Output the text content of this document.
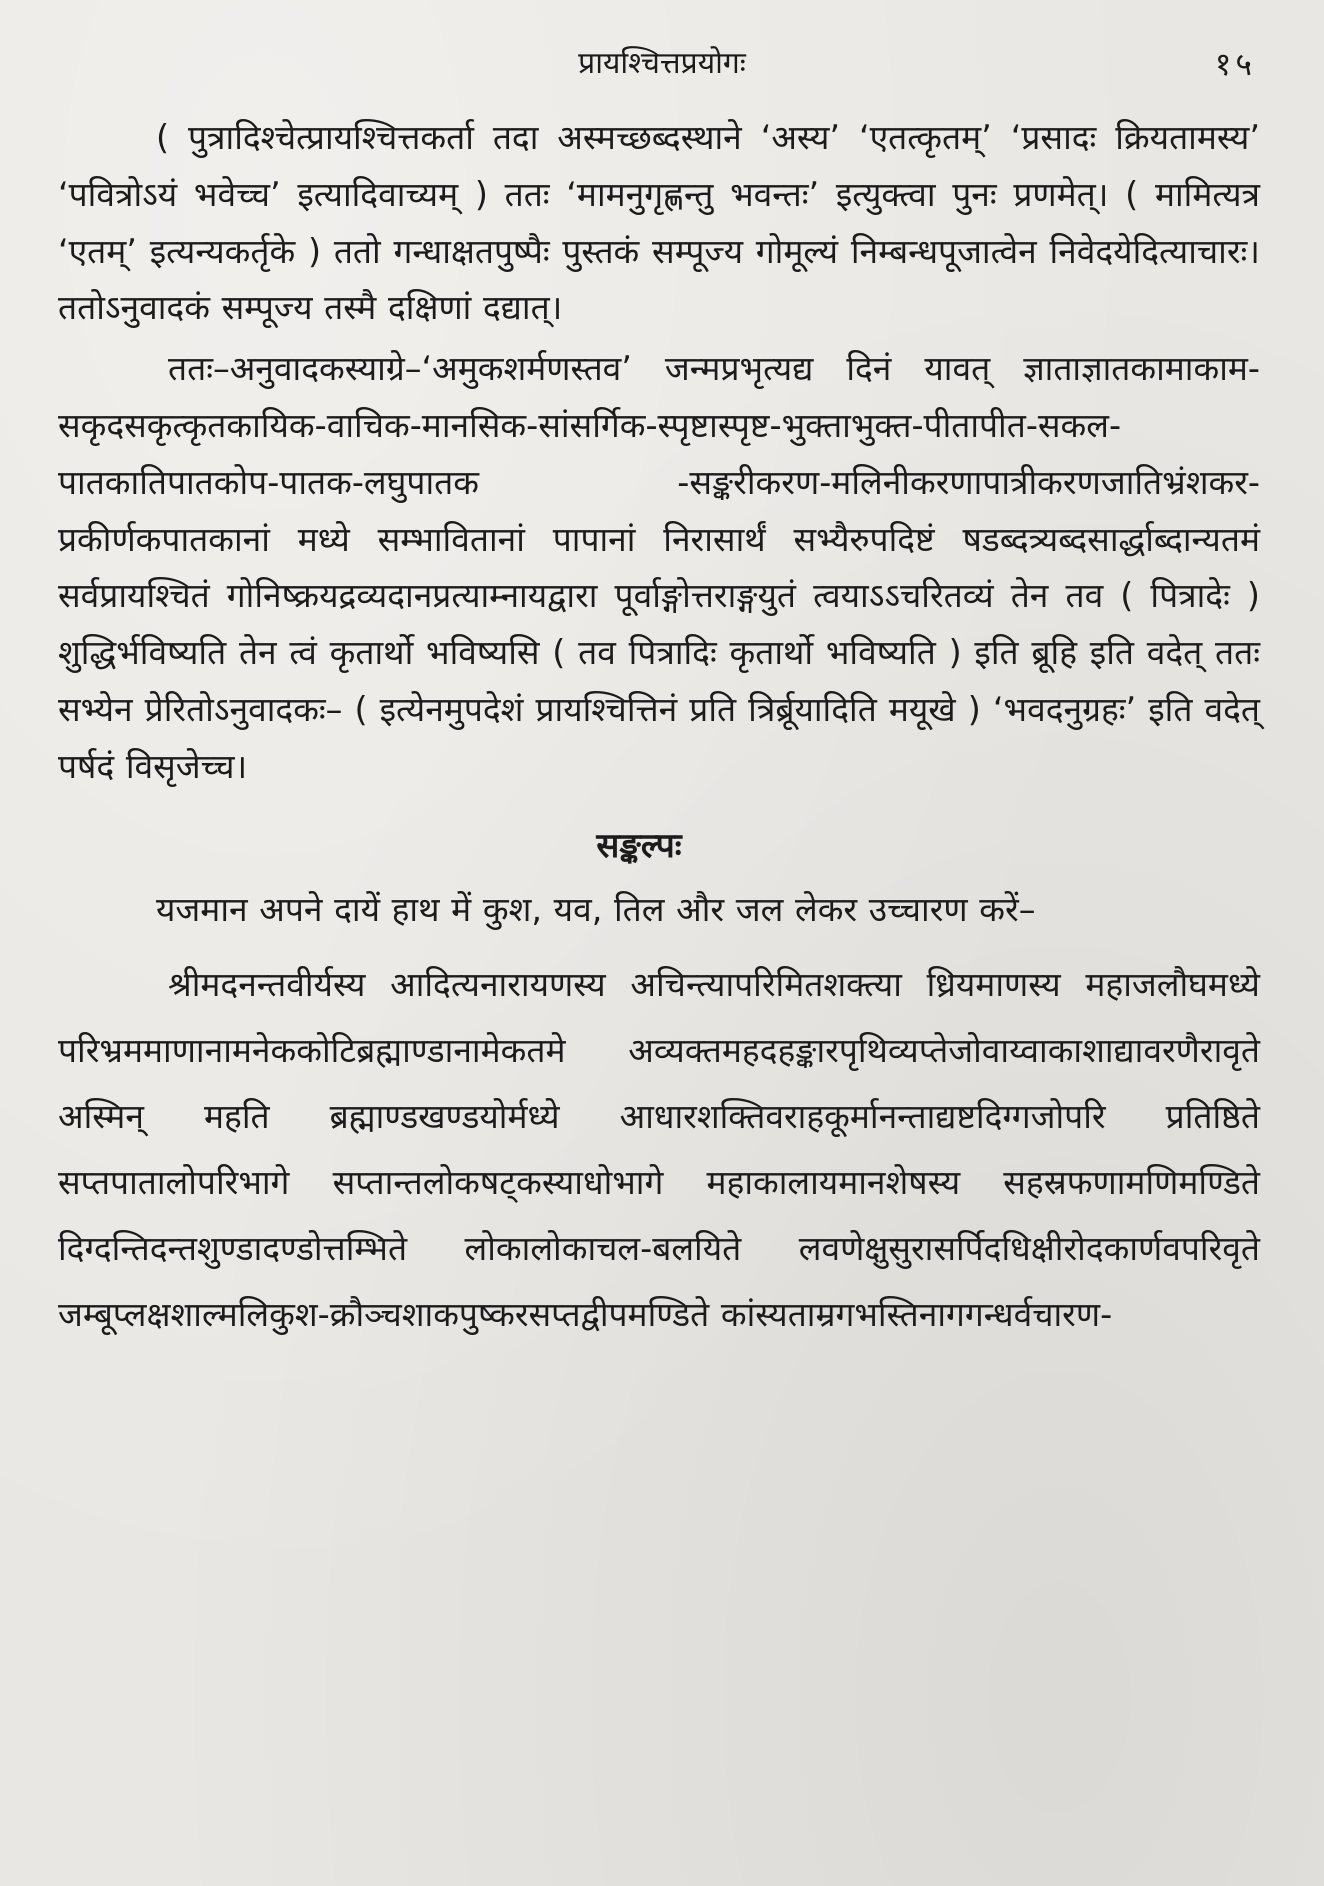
प्रायश्चित्तप्रयोगः	१५

( पुत्रादिश्चेत्प्रायश्चित्तकर्ता तदा अस्मच्छब्दस्थाने ‘अस्य’ ‘एतत्कृतम्’ ‘प्रसादः क्रियतामस्य’ ‘पवित्रोऽयं भवेच्च’ इत्यादिवाच्यम् ) ततः ‘मामनुगृह्णन्तु भवन्तः’ इत्युक्त्वा पुनः प्रणमेत्। ( मामित्यत्र ‘एतम्’ इत्यन्यकर्तृके ) ततो गन्धाक्षतपुष्पैः पुस्तकं सम्पूज्य गोमूल्यं निम्बन्धपूजात्वेन निवेदयेदित्याचारः। ततोऽनुवादकं सम्पूज्य तस्मै दक्षिणां दद्यात्।

ततः–अनुवादकस्याग्रे–‘अमुकशर्मणस्तव’ जन्मप्रभृत्यद्य दिनं यावत् ज्ञाताज्ञातकामाकाम-सकृदसकृत्कृतकायिक-वाचिक-मानसिक-सांसर्गिक-स्पृष्टास्पृष्ट-भुक्ताभुक्त-पीतापीत-सकल-पातकातिपातकोप-पातक-लघुपातक -सङ्करीकरण-मलिनीकरणापात्रीकरणजातिभ्रंशकर-प्रकीर्णकपातकानां मध्ये सम्भावितानां पापानां निरासार्थं सभ्यैरुपदिष्टं षडब्दत्र्यब्दसार्द्धाब्दान्यतमं सर्वप्रायश्चितं गोनिष्क्रयद्रव्यदानप्रत्याम्नायद्वारा पूर्वाङ्गोत्तराङ्गयुतं त्वयाऽऽचरितव्यं तेन तव ( पित्रादेः ) शुद्धिर्भविष्यति तेन त्वं कृतार्थो भविष्यसि ( तव पित्रादिः कृतार्थो भविष्यति ) इति ब्रूहि इति वदेत् ततः सभ्येन प्रेरितोऽनुवादकः– ( इत्येनमुपदेशं प्रायश्चित्तिनं प्रति त्रिर्ब्रूयादिति मयूखे ) ‘भवदनुग्रहः’ इति वदेत् पर्षदं विसृजेच्च।

सङ्कल्पः

यजमान अपने दायें हाथ में कुश, यव, तिल और जल लेकर उच्चारण करें–

श्रीमदनन्तवीर्यस्य आदित्यनारायणस्य अचिन्त्यापरिमितशक्त्या ध्रियमाणस्य महाजलौघमध्ये परिभ्रममाणानामनेककोटिब्रह्माण्डानामेकतमे अव्यक्तमहदहङ्कारपृथिव्यप्तेजोवाय्वाकाशाद्यावरणैरावृते अस्मिन् महति ब्रह्माण्डखण्डयोर्मध्ये आधारशक्तिवराहकूर्मानन्ताद्यष्टदिग्गजोपरि प्रतिष्ठिते सप्तपातालोपरिभागे सप्तान्तलोकषट्कस्याधोभागे महाकालायमानशेषस्य सहस्रफणामणिमण्डिते दिग्दन्तिदन्तशुण्डादण्डोत्तम्भिते लोकालोकाचल-बलयिते लवणेक्षुसुरासर्पिदधिक्षीरोदकार्णवपरिवृते जम्बूप्लक्षशाल्मलिकुश-क्रौञ्चशाकपुष्करसप्तद्वीपमण्डिते कांस्यताम्रगभस्तिनागगन्धर्वचारण-
